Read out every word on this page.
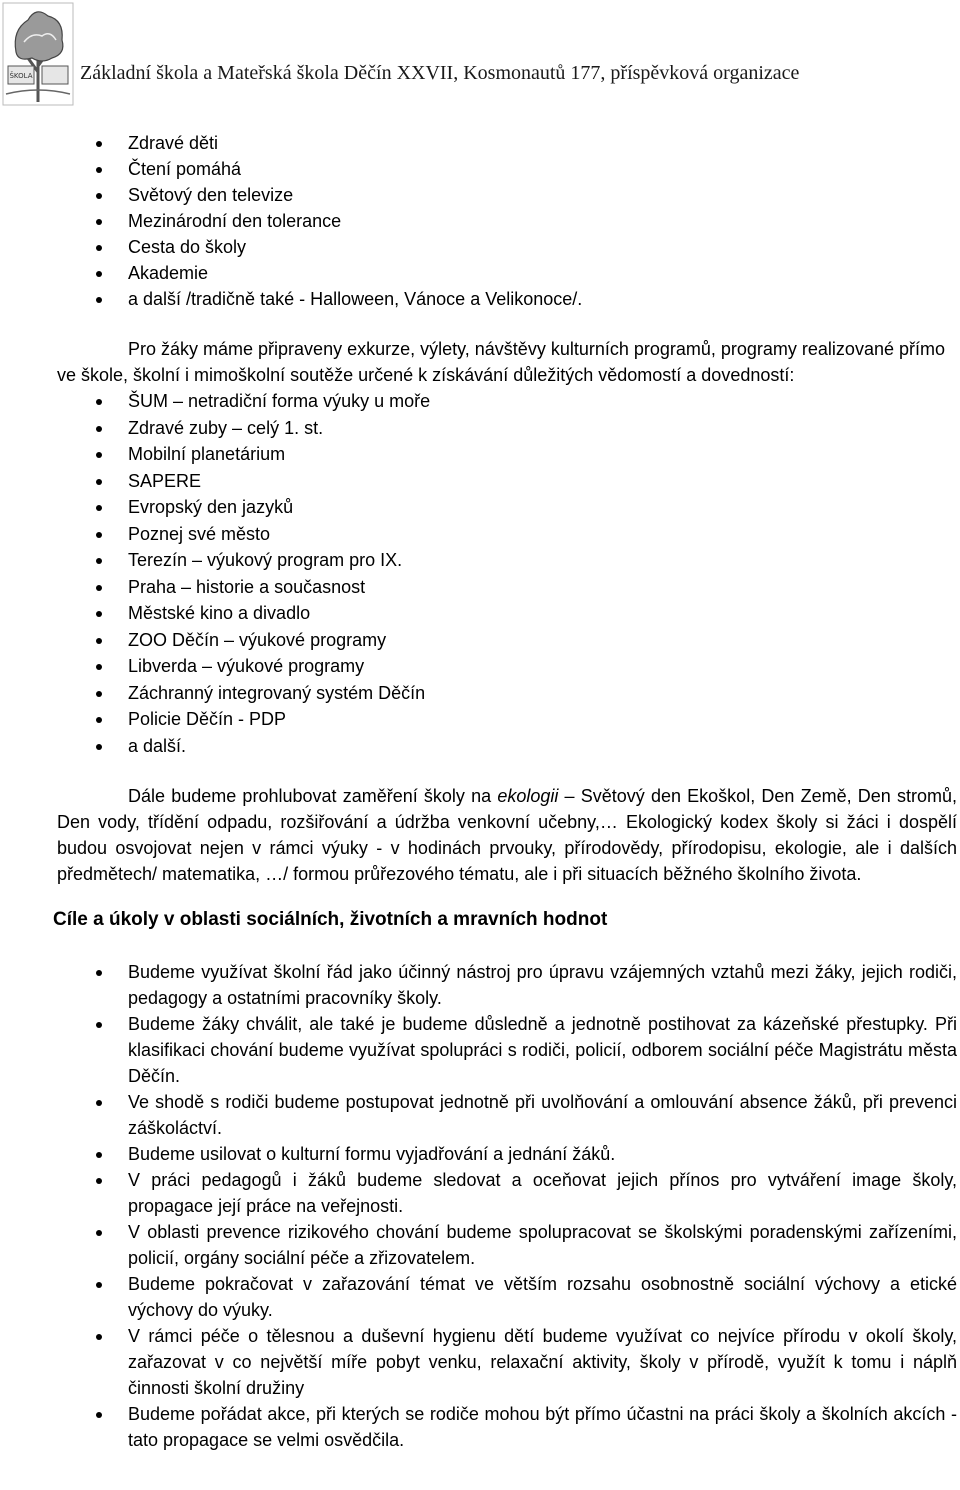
ŠKOLA Základní škola a Mateřská škola Děčín XXVII, Kosmonautů 177, příspěvková organizace
Zdravé děti
Čtení pomáhá
Světový den televize
Mezinárodní den tolerance
Cesta do školy
Akademie
a další /tradičně také - Halloween, Vánoce a Velikonoce/.

Pro žáky máme připraveny exkurze, výlety, návštěvy kulturních programů, programy realizované přímo ve škole, školní i mimoškolní soutěže určené k získávání důležitých vědomostí a dovedností:

ŠUM – netradiční forma výuky u moře
Zdravé zuby – celý 1. st.
Mobilní planetárium
SAPERE
Evropský den jazyků
Poznej své město
Terezín – výukový program pro IX.
Praha – historie a současnost
Městské kino a divadlo
ZOO Děčín – výukové programy
Libverda – výukové programy
Záchranný integrovaný systém Děčín
Policie Děčín - PDP
a další.

Dále budeme prohlubovat zaměření školy na ekologii – Světový den Ekoškol, Den Země, Den stromů, Den vody, třídění odpadu, rozšiřování a údržba venkovní učebny,… Ekologický kodex školy si žáci i dospělí budou osvojovat nejen v rámci výuky - v hodinách prvouky, přírodovědy, přírodopisu, ekologie, ale i dalších předmětech/ matematika, …/ formou průřezového tématu, ale i při situacích běžného školního života.

Cíle a úkoly v oblasti sociálních, životních a mravních hodnot
Budeme využívat školní řád jako účinný nástroj pro úpravu vzájemných vztahů mezi žáky, jejich rodiči, pedagogy a ostatními pracovníky školy.
Budeme žáky chválit, ale také je budeme důsledně a jednotně postihovat za kázeňské přestupky. Při klasifikaci chování budeme využívat spolupráci s rodiči, policií, odborem sociální péče Magistrátu města Děčín.
Ve shodě s rodiči budeme postupovat jednotně při uvolňování a omlouvání absence žáků, při prevenci záškoláctví.
Budeme usilovat o kulturní formu vyjadřování a jednání žáků.
V práci pedagogů i žáků budeme sledovat a oceňovat jejich přínos pro vytváření image školy, propagace její práce na veřejnosti.
V oblasti prevence rizikového chování budeme spolupracovat se školskými poradenskými zařízeními, policií, orgány sociální péče a zřizovatelem.
Budeme pokračovat v zařazování témat ve větším rozsahu osobnostně sociální výchovy a etické výchovy do výuky.
V rámci péče o tělesnou a duševní hygienu dětí budeme využívat co nejvíce přírodu v okolí školy, zařazovat v co největší míře pobyt venku, relaxační aktivity, školy v přírodě, využít k tomu i náplň činnosti školní družiny
Budeme pořádat akce, při kterých se rodiče mohou být přímo účastni na práci školy a školních akcích - tato propagace se velmi osvědčila.
